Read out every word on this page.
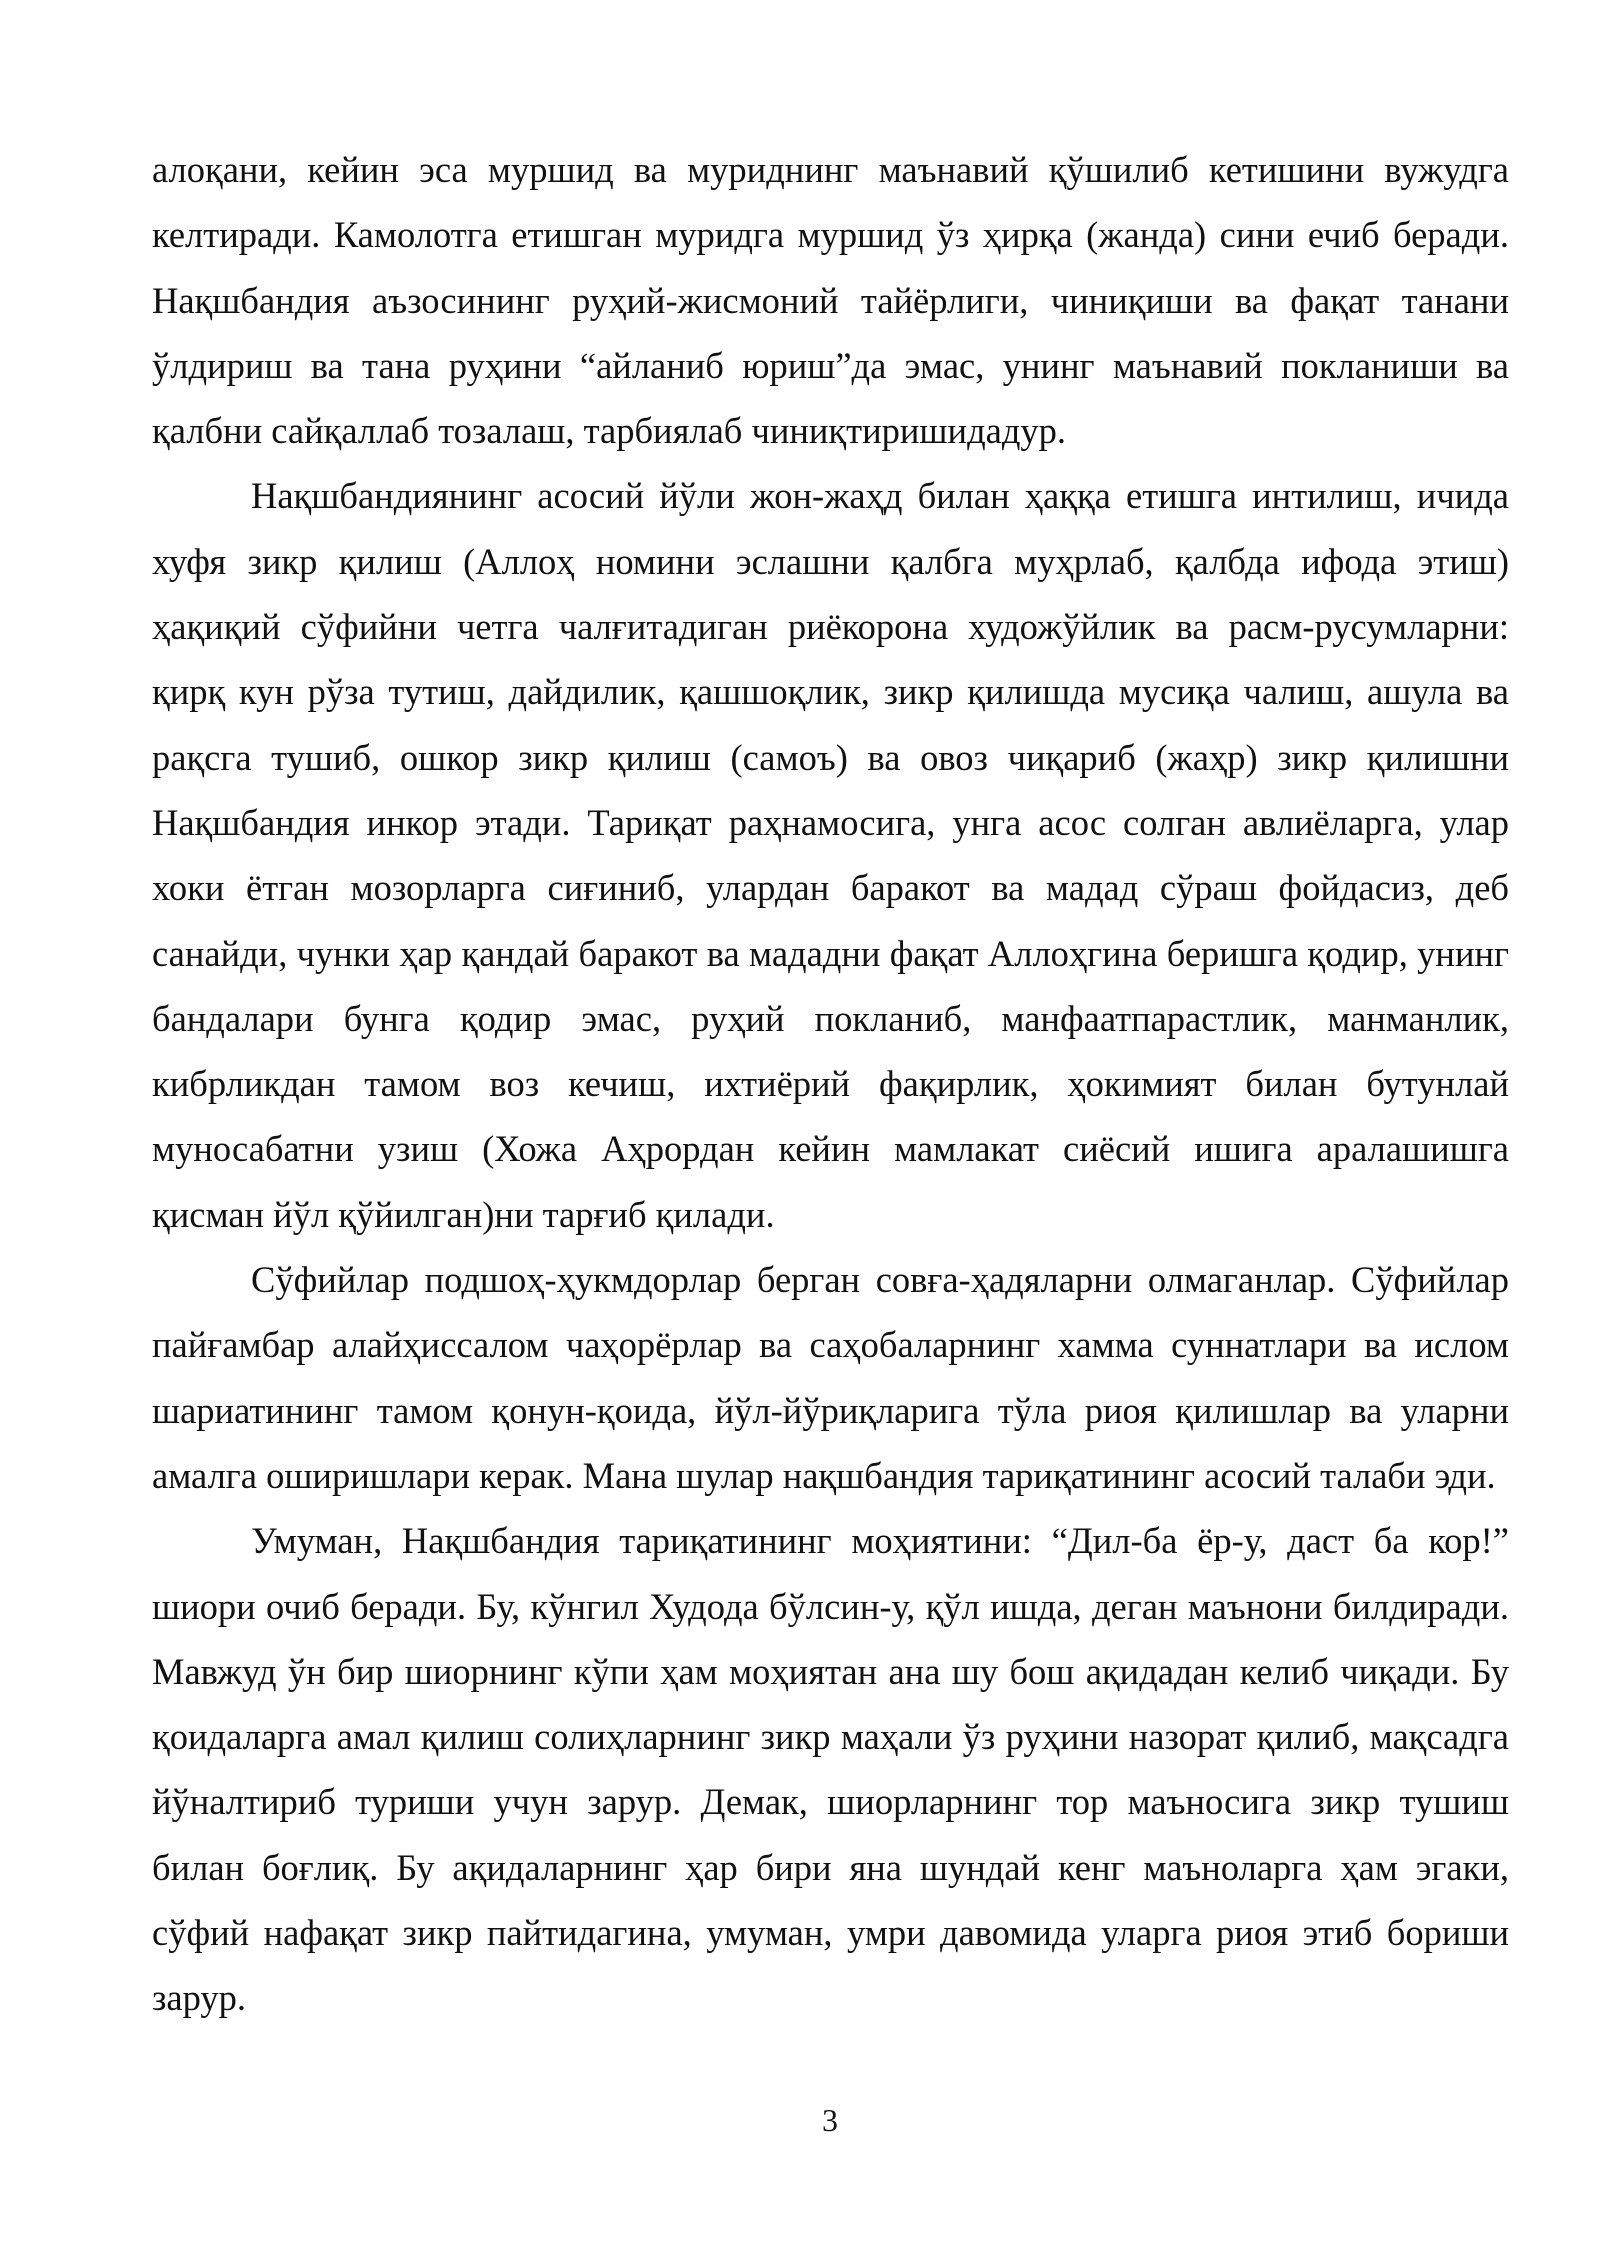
алоқани, кейин эса муршид ва муриднинг маънавий қўшилиб кетишини вужудга келтиради. Камолотга етишган муридга муршид ўз ҳирқа (жанда) сини ечиб беради. Нақшбандия аъзосининг руҳий-жисмоний тайёрлиги, чиниқиши ва фақат танани ўлдириш ва тана руҳини “айланиб юриш”да эмас, унинг маънавий покланиши ва қалбни сайқаллаб тозалаш, тарбиялаб чиниқтиришидадур.

Нақшбандиянинг асосий йўли жон-жаҳд билан ҳаққа етишга интилиш, ичида хуфя зикр қилиш (Аллоҳ номини эслашни қалбга муҳрлаб, қалбда ифода этиш) ҳақиқий сўфийни четга чалғитадиган риёкорона художўйлик ва расм-русумларни: қирқ кун рўза тутиш, дайдилик, қашшоқлик, зикр қилишда мусиқа чалиш, ашула ва рақсга тушиб, ошкор зикр қилиш (самоъ) ва овоз чиқариб (жаҳр) зикр қилишни Нақшбандия инкор этади. Тариқат раҳнамосига, унга асос солган авлиёларга, улар хоки ётган мозорларга сиғиниб, улардан баракот ва мадад сўраш фойдасиз, деб санайди, чунки ҳар қандай баракот ва мададни фақат Аллоҳгина беришга қодир, унинг бандалари бунга қодир эмас, руҳий покланиб, манфаатпарастлик, манманлик, кибрликдан тамом воз кечиш, ихтиёрий фақирлик, ҳокимият билан бутунлай муносабатни узиш (Хожа Аҳрордан кейин мамлакат сиёсий ишига аралашишга қисман йўл қўйилган)ни тарғиб қилади.

Сўфийлар подшоҳ-ҳукмдорлар берган совға-ҳадяларни олмаганлар. Сўфийлар пайғамбар алайҳиссалом чаҳорёрлар ва саҳобаларнинг хамма суннатлари ва ислом шариатининг тамом қонун-қоида, йўл-йўриқларига тўла риоя қилишлар ва уларни амалга оширишлари керак. Мана шулар нақшбандия тариқатининг асосий талаби эди.

Умуман, Нақшбандия тариқатининг моҳиятини: “Дил-ба ёр-у, даст ба кор!” шиори очиб беради. Бу, кўнгил Худода бўлсин-у, қўл ишда, деган маънони билдиради. Мавжуд ўн бир шиорнинг кўпи ҳам моҳиятан ана шу бош ақидадан келиб чиқади. Бу қоидаларга амал қилиш солиҳларнинг зикр маҳали ўз руҳини назорат қилиб, мақсадга йўналтириб туриши учун зарур. Демак, шиорларнинг тор маъносига зикр тушиш билан боғлиқ. Бу ақидаларнинг ҳар бири яна шундай кенг маъноларга ҳам эгаки, сўфий нафақат зикр пайтидагина, умуман, умри давомида уларга риоя этиб бориши зарур.

3
